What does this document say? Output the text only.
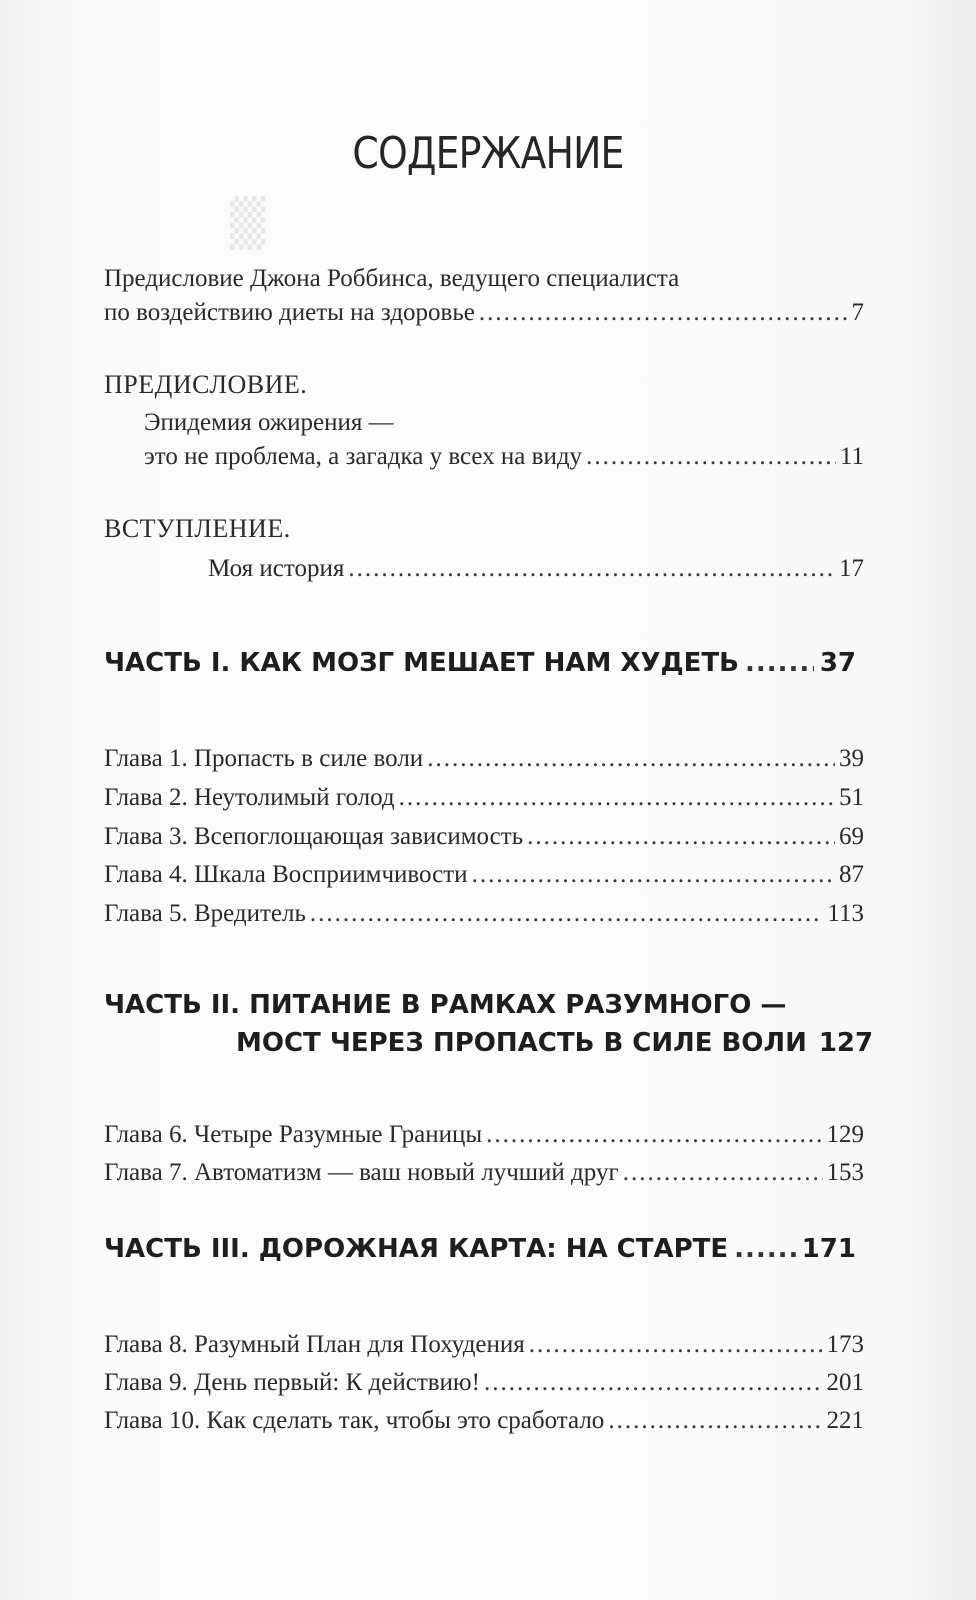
▒
СОДЕРЖАНИЕ
Предисловие Джона Роббинса, ведущего специалиста
по воздействию диеты на здоровье .....	7
ПРЕДИСЛОВИЕ.
Эпидемия ожирения —
это не проблема, а загадка у всех на виду .....	11
ВСТУПЛЕНИЕ.
Моя история .....	17
ЧАСТЬ I. КАК МОЗГ МЕШАЕТ НАМ ХУДЕТЬ .....	37
Глава 1. Пропасть в силе воли .....	39
Глава 2. Неутолимый голод .....	51
Глава 3. Всепоглощающая зависимость .....	69
Глава 4. Шкала Восприимчивости .....	87
Глава 5. Вредитель .....	113
ЧАСТЬ II. ПИТАНИЕ В РАМКАХ РАЗУМНОГО —
МОСТ ЧЕРЕЗ ПРОПАСТЬ В СИЛЕ ВОЛИ 127
Глава 6. Четыре Разумные Границы .....	129
Глава 7. Автоматизм — ваш новый лучший друг .....	153
ЧАСТЬ III. ДОРОЖНАЯ КАРТА: НА СТАРТЕ .....	171
Глава 8. Разумный План для Похудения .....	173
Глава 9. День первый: К действию! .....	201
Глава 10. Как сделать так, чтобы это сработало .....	221
